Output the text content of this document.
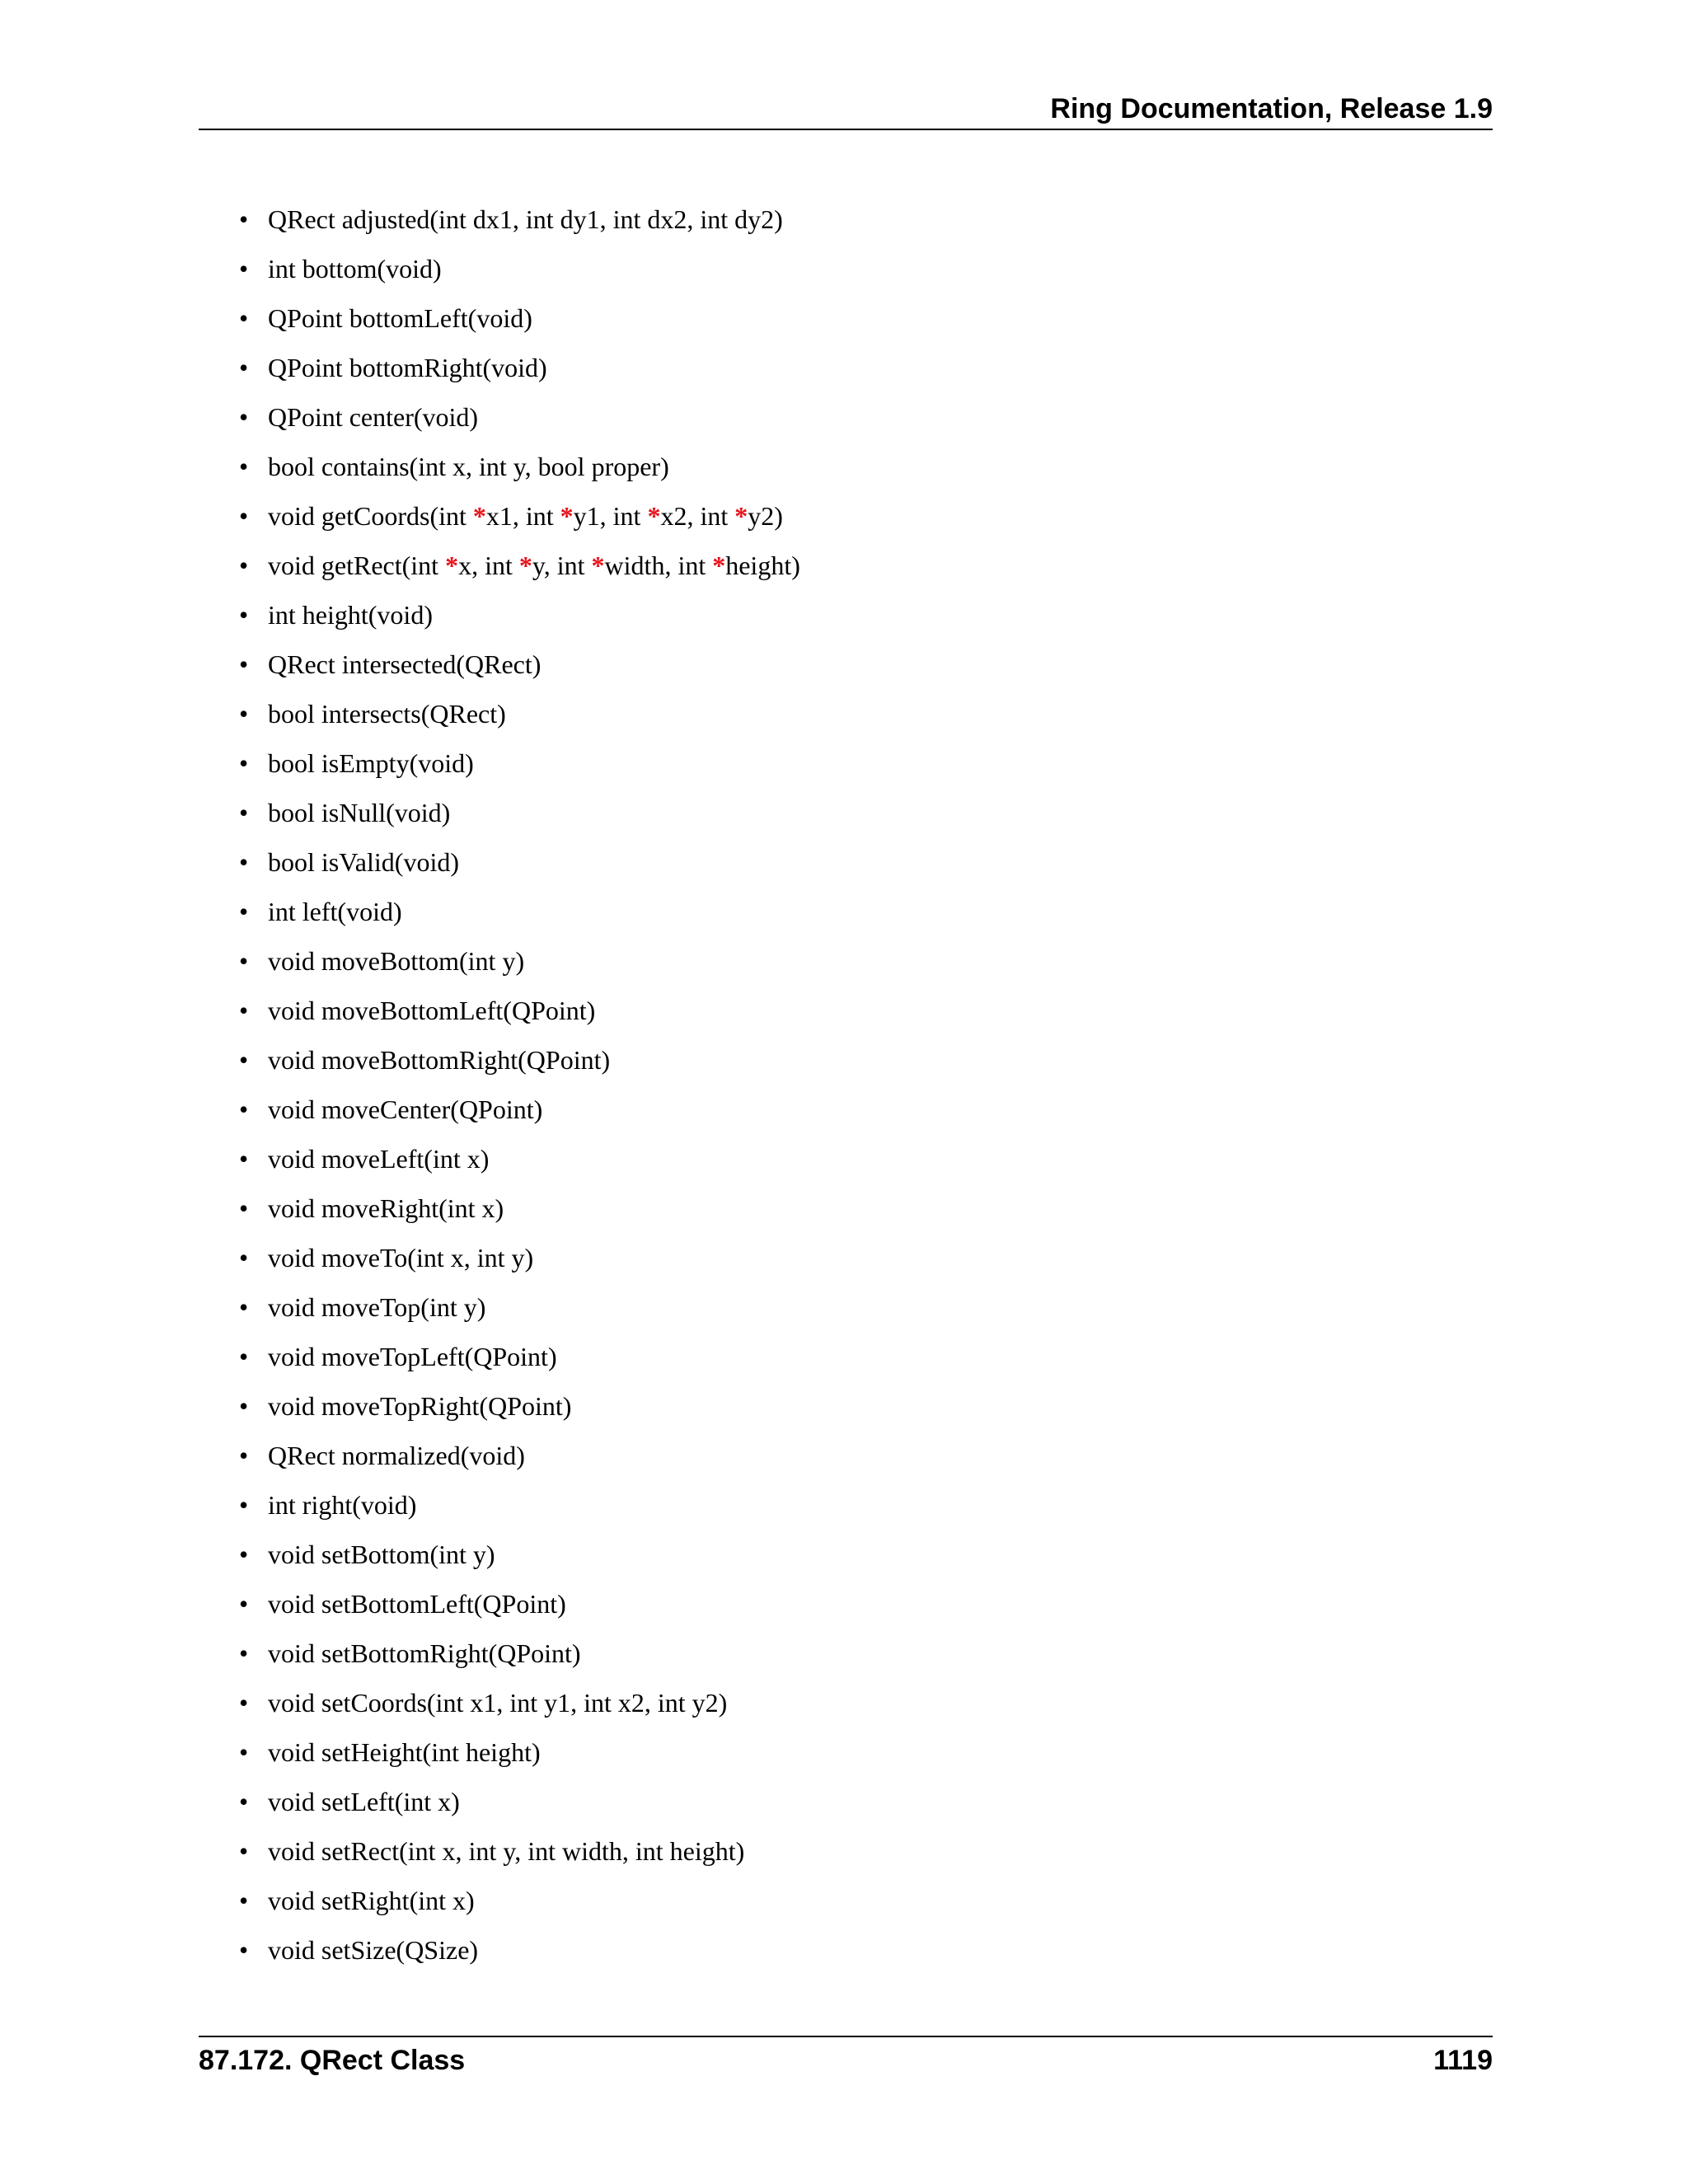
Ring Documentation, Release 1.9
• QRect adjusted(int dx1, int dy1, int dx2, int dy2)
• int bottom(void)
• QPoint bottomLeft(void)
• QPoint bottomRight(void)
• QPoint center(void)
• bool contains(int x, int y, bool proper)
• void getCoords(int *x1, int *y1, int *x2, int *y2)
• void getRect(int *x, int *y, int *width, int *height)
• int height(void)
• QRect intersected(QRect)
• bool intersects(QRect)
• bool isEmpty(void)
• bool isNull(void)
• bool isValid(void)
• int left(void)
• void moveBottom(int y)
• void moveBottomLeft(QPoint)
• void moveBottomRight(QPoint)
• void moveCenter(QPoint)
• void moveLeft(int x)
• void moveRight(int x)
• void moveTo(int x, int y)
• void moveTop(int y)
• void moveTopLeft(QPoint)
• void moveTopRight(QPoint)
• QRect normalized(void)
• int right(void)
• void setBottom(int y)
• void setBottomLeft(QPoint)
• void setBottomRight(QPoint)
• void setCoords(int x1, int y1, int x2, int y2)
• void setHeight(int height)
• void setLeft(int x)
• void setRect(int x, int y, int width, int height)
• void setRight(int x)
• void setSize(QSize)
87.172. QRect Class	1119
